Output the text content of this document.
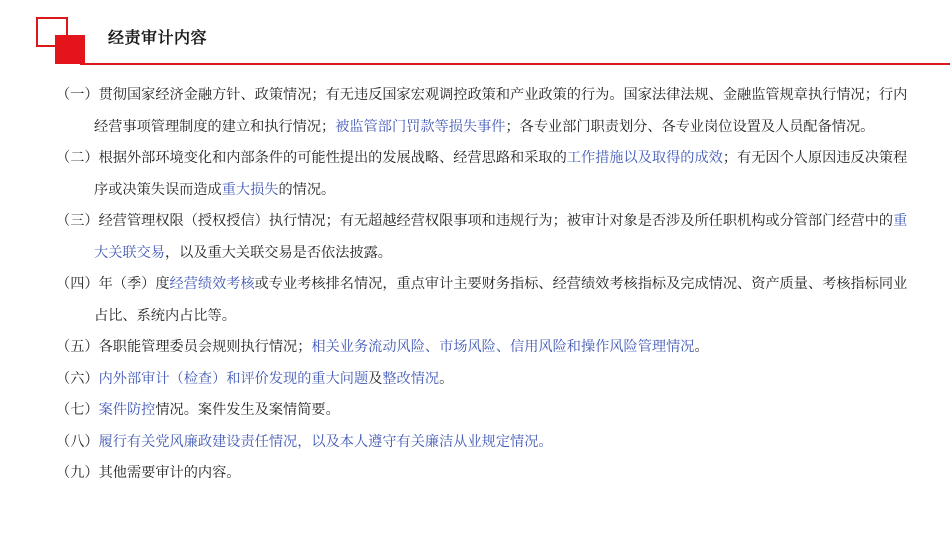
经责审计内容

（一）贯彻国家经济金融方针、政策情况；有无违反国家宏观调控政策和产业政策的行为。国家法律法规、金融监管规章执行情况；行内经营事项管理制度的建立和执行情况；被监管部门罚款等损失事件；各专业部门职责划分、各专业岗位设置及人员配备情况。

（二）根据外部环境变化和内部条件的可能性提出的发展战略、经营思路和采取的工作措施以及取得的成效；有无因个人原因违反决策程序或决策失误而造成重大损失的情况。

（三）经营管理权限（授权授信）执行情况；有无超越经营权限事项和违规行为；被审计对象是否涉及所任职机构或分管部门经营中的重大关联交易，以及重大关联交易是否依法披露。

（四）年（季）度经营绩效考核或专业考核排名情况，重点审计主要财务指标、经营绩效考核指标及完成情况、资产质量、考核指标同业占比、系统内占比等。

（五）各职能管理委员会规则执行情况；相关业务流动风险、市场风险、信用风险和操作风险管理情况。

（六）内外部审计（检查）和评价发现的重大问题及整改情况。

（七）案件防控情况。案件发生及案情简要。

（八）履行有关党风廉政建设责任情况，以及本人遵守有关廉洁从业规定情况。

（九）其他需要审计的内容。
